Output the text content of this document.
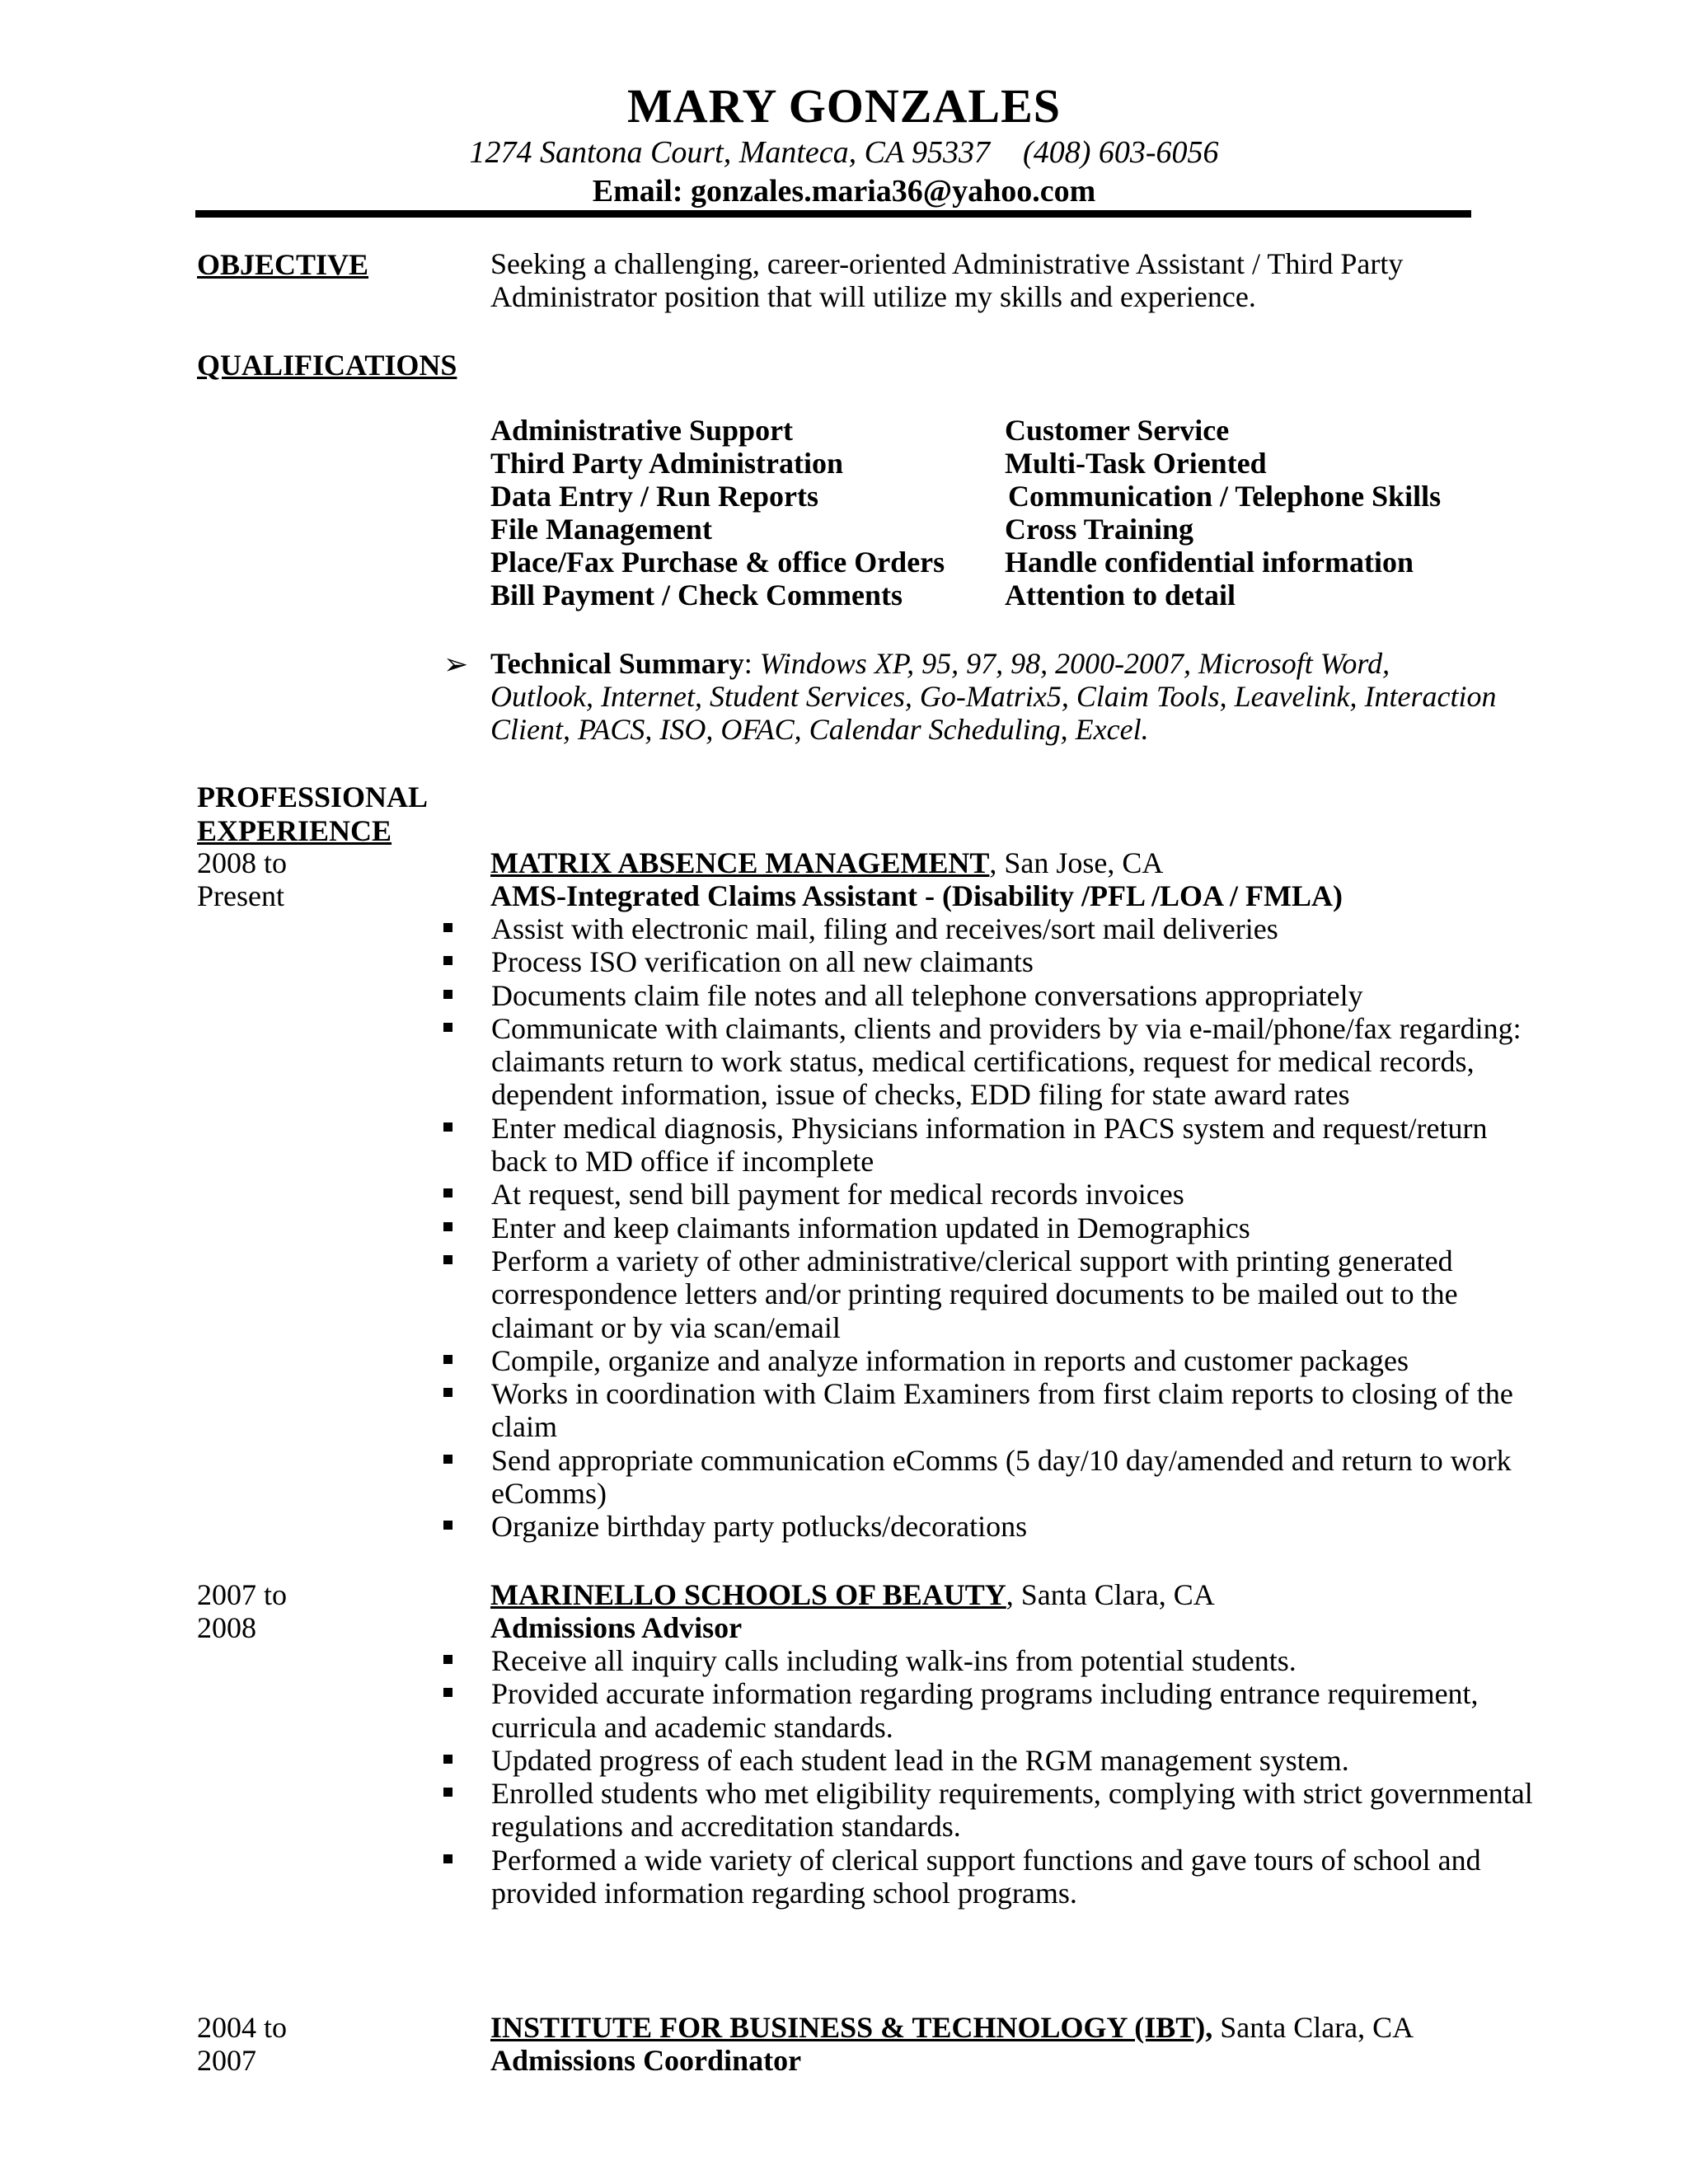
MARY GONZALES
1274 Santona Court, Manteca, CA 95337 (408) 603-6056
Email: gonzales.maria36@yahoo.com
OBJECTIVE	Seeking a challenging, career-oriented Administrative Assistant / Third Party
Administrator position that will utilize my skills and experience.
QUALIFICATIONS
Administrative Support
Third Party Administration
Data Entry / Run Reports
File Management
Place/Fax Purchase & office Orders
Bill Payment / Check Comments
Customer Service
Multi-Task Oriented
Communication / Telephone Skills
Cross Training
Handle confidential information
Attention to detail
➢ Technical Summary: Windows XP, 95, 97, 98, 2000-2007, Microsoft Word,
Outlook, Internet, Student Services, Go-Matrix5, Claim Tools, Leavelink, Interaction
Client, PACS, ISO, OFAC, Calendar Scheduling, Excel.
PROFESSIONAL
EXPERIENCE
2008 to
Present
MATRIX ABSENCE MANAGEMENT, San Jose, CA
AMS-Integrated Claims Assistant - (Disability /PFL /LOA / FMLA)
Assist with electronic mail, filing and receives/sort mail deliveries
Process ISO verification on all new claimants
Documents claim file notes and all telephone conversations appropriately
Communicate with claimants, clients and providers by via e-mail/phone/fax regarding:
claimants return to work status, medical certifications, request for medical records,
dependent information, issue of checks, EDD filing for state award rates
Enter medical diagnosis, Physicians information in PACS system and request/return
back to MD office if incomplete
At request, send bill payment for medical records invoices
Enter and keep claimants information updated in Demographics
Perform a variety of other administrative/clerical support with printing generated
correspondence letters and/or printing required documents to be mailed out to the
claimant or by via scan/email
Compile, organize and analyze information in reports and customer packages
Works in coordination with Claim Examiners from first claim reports to closing of the
claim
Send appropriate communication eComms (5 day/10 day/amended and return to work
eComms)
Organize birthday party potlucks/decorations
2007 to
2008
MARINELLO SCHOOLS OF BEAUTY, Santa Clara, CA
Admissions Advisor
Receive all inquiry calls including walk-ins from potential students.
Provided accurate information regarding programs including entrance requirement,
curricula and academic standards.
Updated progress of each student lead in the RGM management system.
Enrolled students who met eligibility requirements, complying with strict governmental
regulations and accreditation standards.
Performed a wide variety of clerical support functions and gave tours of school and
provided information regarding school programs.
2004 to
2007
INSTITUTE FOR BUSINESS & TECHNOLOGY (IBT), Santa Clara, CA
Admissions Coordinator
